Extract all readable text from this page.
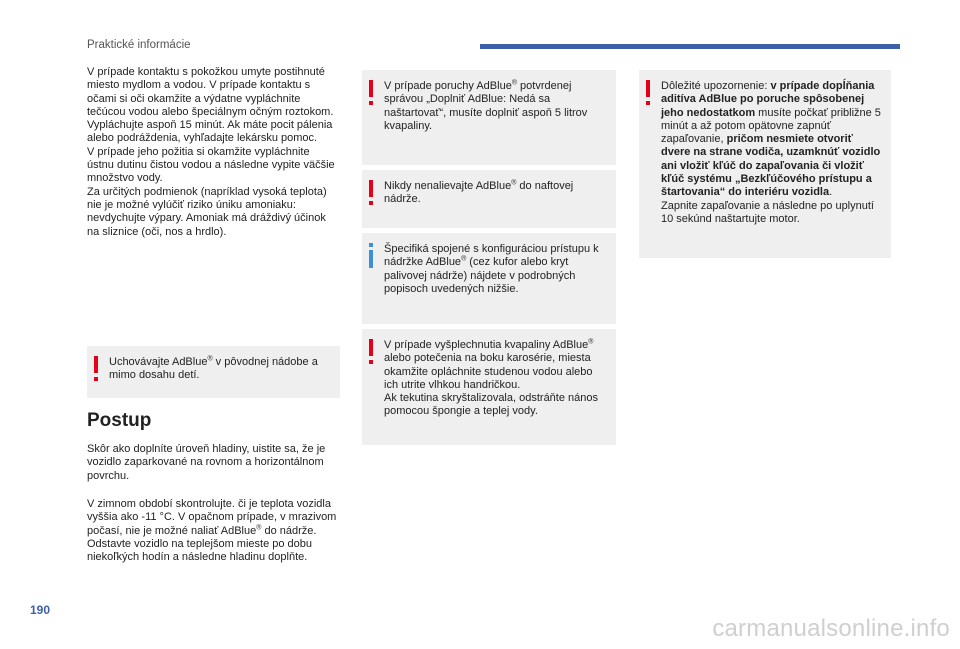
Praktické informácie

V prípade kontaktu s pokožkou umyte postihnuté miesto mydlom a vodou. V prípade kontaktu s očami si oči okamžite a výdatne vypláchnite tečúcou vodou alebo špeciálnym očným roztokom. Vypláchujte aspoň 15 minút. Ak máte pocit pálenia alebo podráždenia, vyhľadajte lekársku pomoc.

V prípade jeho požitia si okamžite vypláchnite ústnu dutinu čistou vodou a následne vypite väčšie množstvo vody.

Za určitých podmienok (napríklad vysoká teplota) nie je možné vylúčiť riziko úniku amoniaku: nevdychujte výpary. Amoniak má dráždivý účinok na sliznice (oči, nos a hrdlo).

Uchovávajte AdBlue® v pôvodnej nádobe a mimo dosahu detí.

Postup

Skôr ako doplníte úroveň hladiny, uistite sa, že je vozidlo zaparkované na rovnom a horizontálnom povrchu.

V zimnom období skontrolujte. či je teplota vozidla vyššia ako -11 °C. V opačnom prípade, v mrazivom počasí, nie je možné naliať AdBlue® do nádrže. Odstavte vozidlo na teplejšom mieste po dobu niekoľkých hodín a následne hladinu doplňte.

V prípade poruchy AdBlue® potvrdenej správou „Doplniť AdBlue: Nedá sa naštartovať“, musíte doplniť aspoň 5 litrov kvapaliny.

Nikdy nenalievajte AdBlue® do naftovej nádrže.

Špecifiká spojené s konfiguráciou prístupu k nádržke AdBlue® (cez kufor alebo kryt palivovej nádrže) nájdete v podrobných popisoch uvedených nižšie.

V prípade vyšplechnutia kvapaliny AdBlue® alebo potečenia na boku karosérie, miesta okamžite opláchnite studenou vodou alebo ich utrite vlhkou handričkou.

Ak tekutina skryštalizovala, odstráňte nános pomocou špongie a teplej vody.

Dôležité upozornenie: v prípade dopĺňania aditíva AdBlue po poruche spôsobenej jeho nedostatkom musíte počkať približne 5 minút a až potom opätovne zapnúť zapaľovanie, pričom nesmiete otvoriť dvere na strane vodiča, uzamknúť vozidlo ani vložiť kľúč do zapaľovania či vložiť kľúč systému „Bezkľúčového prístupu a štartovania“ do interiéru vozidla.

Zapnite zapaľovanie a následne po uplynutí 10 sekúnd naštartujte motor.

190
carmanualsonline.info
